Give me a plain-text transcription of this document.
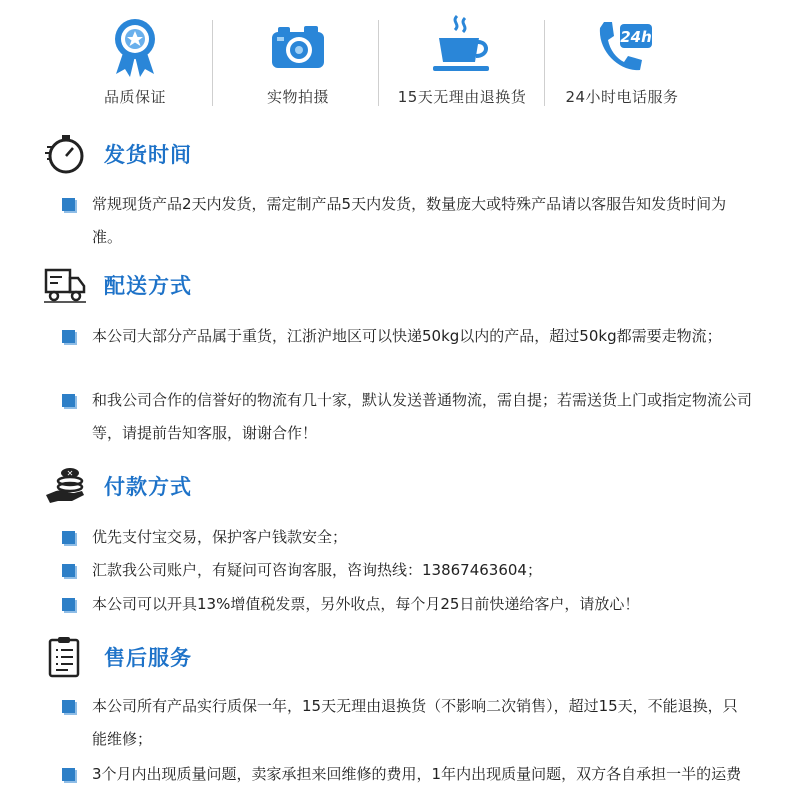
品质保证	实物拍摄	15天无理由退换货
24h
24小时电话服务
发货时间
常规现货产品2天内发货，需定制产品5天内发货，数量庞大或特殊产品请以客服告知发货时间为准。
配送方式
本公司大部分产品属于重货，江浙沪地区可以快递50kg以内的产品，超过50kg都需要走物流；
和我公司合作的信誉好的物流有几十家，默认发送普通物流，需自提；若需送货上门或指定物流公司等，请提前告知客服，谢谢合作！
✕
付款方式
优先支付宝交易，保护客户钱款安全；
汇款我公司账户，有疑问可咨询客服，咨询热线：13867463604；
本公司可以开具13%增值税发票，另外收点，每个月25日前快递给客户，请放心！
售后服务
本公司所有产品实行质保一年，15天无理由退换货（不影响二次销售），超过15天，不能退换，只能维修；
3个月内出现质量问题，卖家承担来回维修的费用，1年内出现质量问题，双方各自承担一半的运费
